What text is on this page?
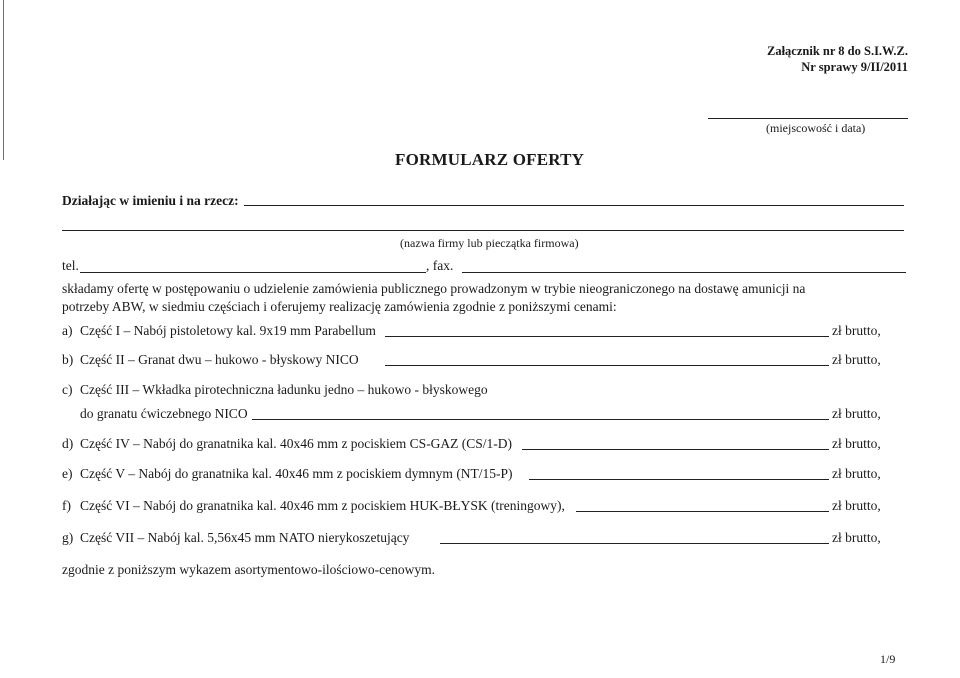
Załącznik nr 8 do S.I.W.Z.
Nr sprawy 9/II/2011
(miejscowość i data)
FORMULARZ OFERTY
Działając w imieniu i na rzecz:
(nazwa firmy lub pieczątka firmowa)
tel.	, fax.
składamy ofertę w postępowaniu o udzielenie zamówienia publicznego prowadzonym w trybie nieograniczonego na dostawę amunicji na
potrzeby ABW, w siedmiu częściach i oferujemy realizację zamówienia zgodnie z poniższymi cenami:
a) Część I – Nabój pistoletowy kal. 9x19 mm Parabellum	zł brutto,
b) Część II – Granat dwu – hukowo - błyskowy NICO	zł brutto,
c) Część III – Wkładka pirotechniczna ładunku jedno – hukowo - błyskowego
do granatu ćwiczebnego NICO	zł brutto,
d) Część IV – Nabój do granatnika kal. 40x46 mm z pociskiem CS-GAZ (CS/1-D)	zł brutto,
e) Część V – Nabój do granatnika kal. 40x46 mm z pociskiem dymnym (NT/15-P)	zł brutto,
f) Część VI – Nabój do granatnika kal. 40x46 mm z pociskiem HUK-BŁYSK (treningowy),	zł brutto,
g) Część VII – Nabój kal. 5,56x45 mm NATO nierykoszetujący	zł brutto,
zgodnie z poniższym wykazem asortymentowo-ilościowo-cenowym.
1/9
